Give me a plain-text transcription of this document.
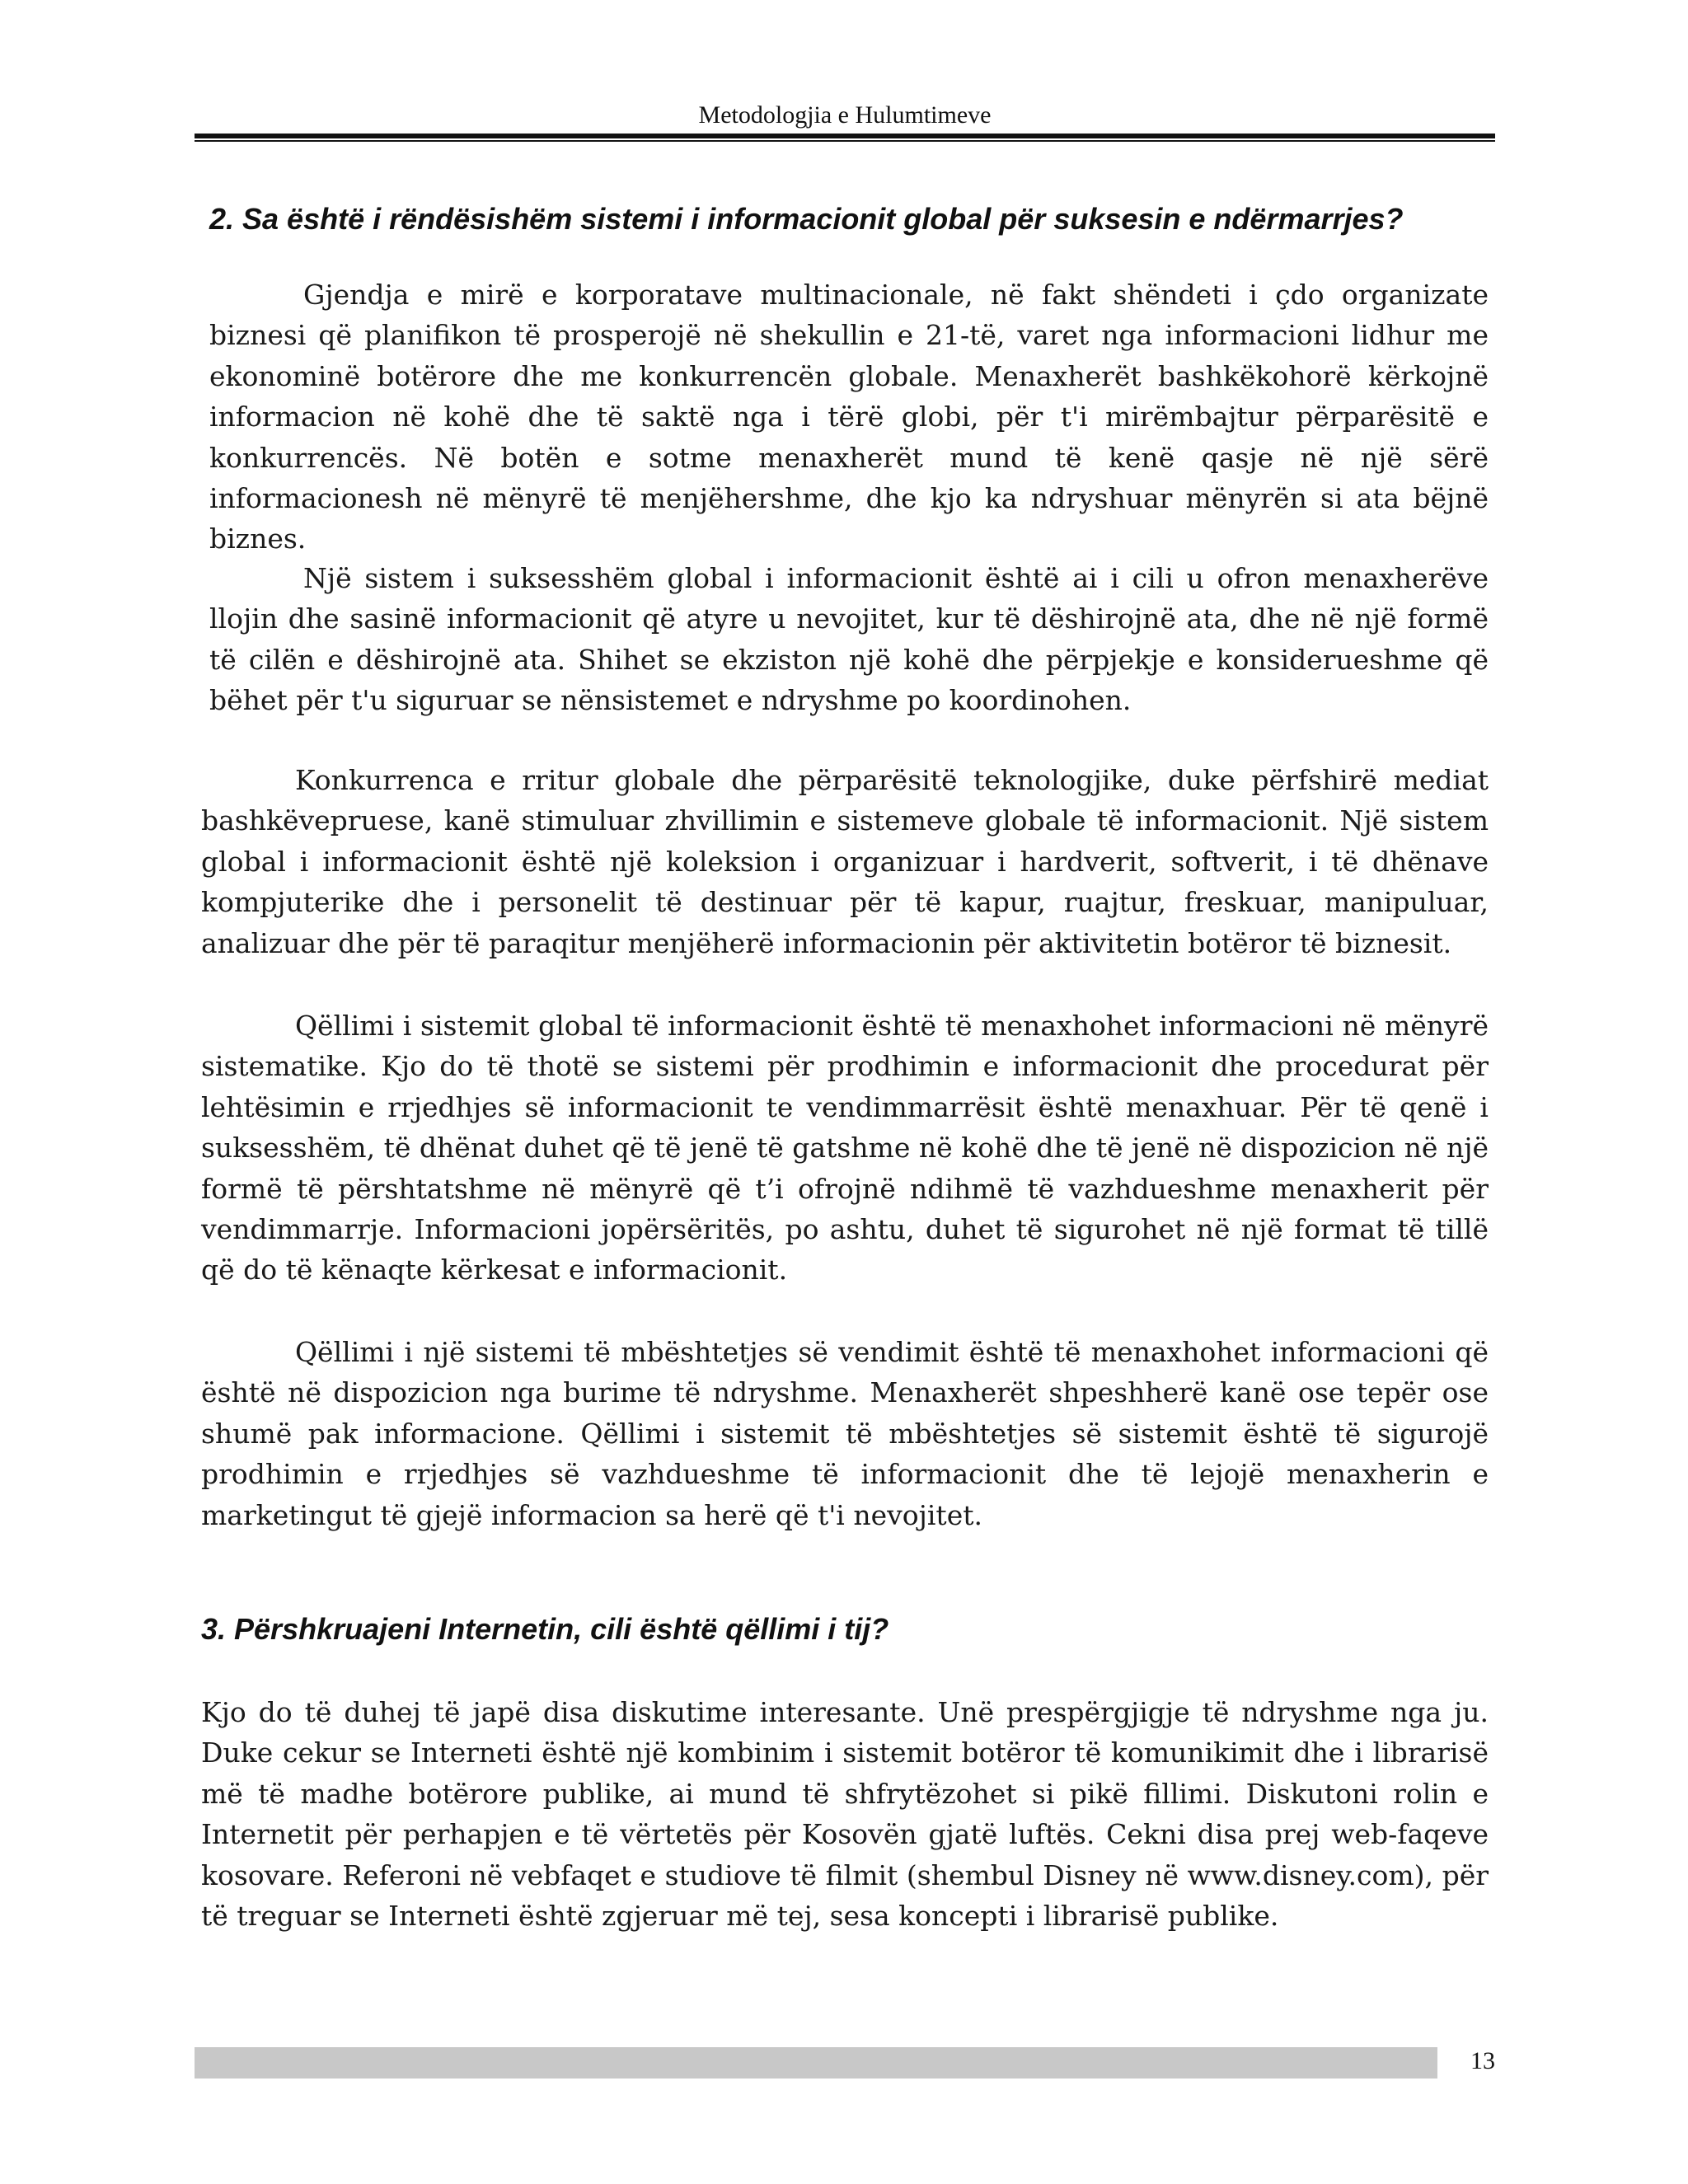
Metodologjia e Hulumtimeve
2. Sa është i rëndësishëm sistemi i informacionit global për suksesin e ndërmarrjes?

Gjendja e mirë e korporatave multinacionale, në fakt shëndeti i çdo organizate biznesi që planifikon të prosperojë në shekullin e 21-të, varet nga informacioni lidhur me ekonominë botërore dhe me konkurrencën globale. Menaxherët bashkëkohorë kërkojnë informacion në kohë dhe të saktë nga i tërë globi, për t'i mirëmbajtur përparësitë e konkurrencës. Në botën e sotme menaxherët mund të kenë qasje në një sërë informacionesh në mënyrë të menjëhershme, dhe kjo ka ndryshuar mënyrën si ata bëjnë biznes.

Një sistem i suksesshëm global i informacionit është ai i cili u ofron menaxherëve llojin dhe sasinë informacionit që atyre u nevojitet, kur të dëshirojnë ata, dhe në një formë të cilën e dëshirojnë ata. Shihet se ekziston një kohë dhe përpjekje e konsiderueshme që bëhet për t'u siguruar se nënsistemet e ndryshme po koordinohen.

Konkurrenca e rritur globale dhe përparësitë teknologjike, duke përfshirë mediat bashkëvepruese, kanë stimuluar zhvillimin e sistemeve globale të informacionit. Një sistem global i informacionit është një koleksion i organizuar i hardverit, softverit, i të dhënave kompjuterike dhe i personelit të destinuar për të kapur, ruajtur, freskuar, manipuluar, analizuar dhe për të paraqitur menjëherë informacionin për aktivitetin botëror të biznesit.

Qëllimi i sistemit global të informacionit është të menaxhohet informacioni në mënyrë sistematike. Kjo do të thotë se sistemi për prodhimin e informacionit dhe procedurat për lehtësimin e rrjedhjes së informacionit te vendimmarrësit është menaxhuar. Për të qenë i suksesshëm, të dhënat duhet që të jenë të gatshme në kohë dhe të jenë në dispozicion në një formë të përshtatshme në mënyrë që t’i ofrojnë ndihmë të vazhdueshme menaxherit për vendimmarrje. Informacioni jopërsëritës, po ashtu, duhet të sigurohet në një format të tillë që do të kënaqte kërkesat e informacionit.

Qëllimi i një sistemi të mbështetjes së vendimit është të menaxhohet informacioni që është në dispozicion nga burime të ndryshme. Menaxherët shpeshherë kanë ose tepër ose shumë pak informacione. Qëllimi i sistemit të mbështetjes së sistemit është të sigurojë prodhimin e rrjedhjes së vazhdueshme të informacionit dhe të lejojë menaxherin e marketingut të gjejë informacion sa herë që t'i nevojitet.

3. Përshkruajeni Internetin, cili është qëllimi i tij?

Kjo do të duhej të japë disa diskutime interesante. Unë prespërgjigje të ndryshme nga ju. Duke cekur se Interneti është një kombinim i sistemit botëror të komunikimit dhe i librarisë më të madhe botërore publike, ai mund të shfrytëzohet si pikë fillimi. Diskutoni rolin e Internetit për perhapjen e të vërtetës për Kosovën gjatë luftës. Cekni disa prej web-faqeve kosovare. Referoni në vebfaqet e studiove të filmit (shembul Disney në www.disney.com), për të treguar se Interneti është zgjeruar më tej, sesa koncepti i librarisë publike.

13
